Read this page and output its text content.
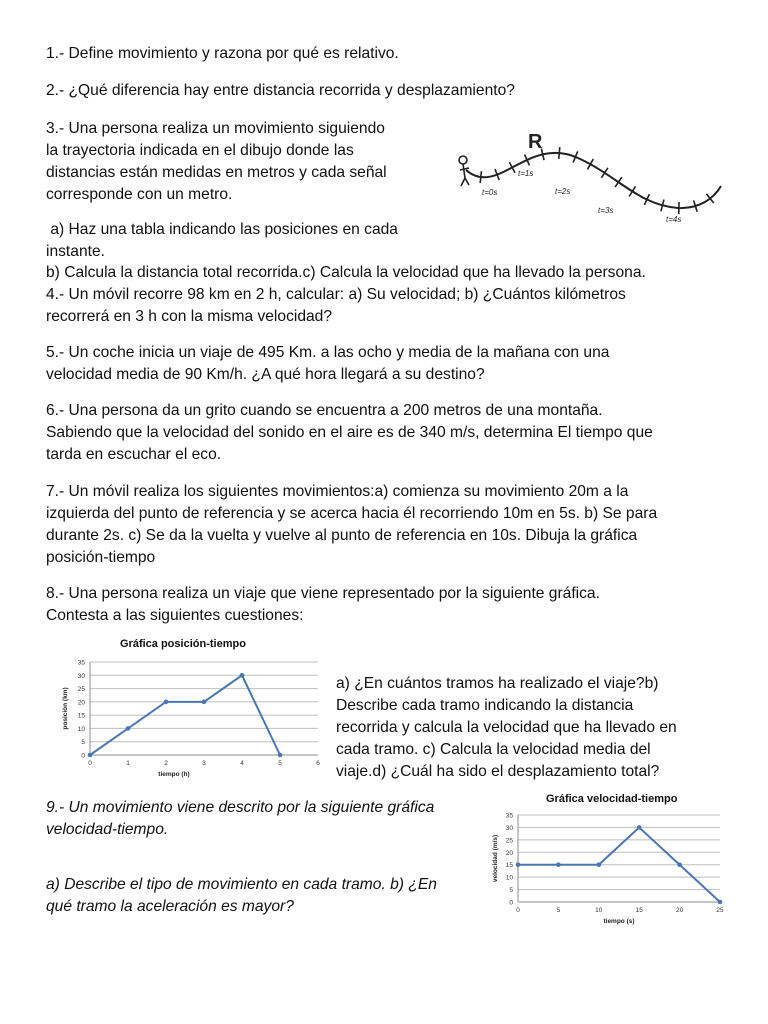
1.- Define movimiento y razona por qué es relativo.

2.- ¿Qué diferencia hay entre distancia recorrida y desplazamiento?

3.- Una persona realiza un movimiento siguiendo
la trayectoria indicada en el dibujo donde las
distancias están medidas en metros y cada señal
corresponde con un metro.

R
t=0s
t=1s
t=2s
t=3s
t=4s

a) Haz una tabla indicando las posiciones en cada
instante.

b) Calcula la distancia total recorrida.c) Calcula la velocidad que ha llevado la persona.

4.- Un móvil recorre 98 km en 2 h, calcular: a) Su velocidad; b) ¿Cuántos kilómetros
recorrerá en 3 h con la misma velocidad?

5.- Un coche inicia un viaje de 495 Km. a las ocho y media de la mañana con una
velocidad media de 90 Km/h. ¿A qué hora llegará a su destino?

6.- Una persona da un grito cuando se encuentra a 200 metros de una montaña.
Sabiendo que la velocidad del sonido en el aire es de 340 m/s, determina El tiempo que
tarda en escuchar el eco.

7.- Un móvil realiza los siguientes movimientos:a) comienza su movimiento 20m a la
izquierda del punto de referencia y se acerca hacia él recorriendo 10m en 5s. b) Se para
durante 2s. c) Se da la vuelta y vuelve al punto de referencia en 10s. Dibuja la gráfica
posición-tiempo

8.- Una persona realiza un viaje que viene representado por la siguiente gráfica.
Contesta a las siguientes cuestiones:

Gráfica posición-tiempo
0
5
10
15
20
25
30
35
0	1	2	3	4	5	6
tiempo (h)
posición (km)

a) ¿En cuántos tramos ha realizado el viaje?b)
Describe cada tramo indicando la distancia
recorrida y calcula la velocidad que ha llevado en
cada tramo. c) Calcula la velocidad media del
viaje.d) ¿Cuál ha sido el desplazamiento total?

9.- Un movimiento viene descrito por la siguiente gráfica
velocidad-tiempo.

a) Describe el tipo de movimiento en cada tramo. b) ¿En
qué tramo la aceleración es mayor?

Gráfica velocidad-tiempo
0
5
10
15
20
25
30
35
0	5	10	15	20	25
tiempo (s)
velocidad (m/s)
